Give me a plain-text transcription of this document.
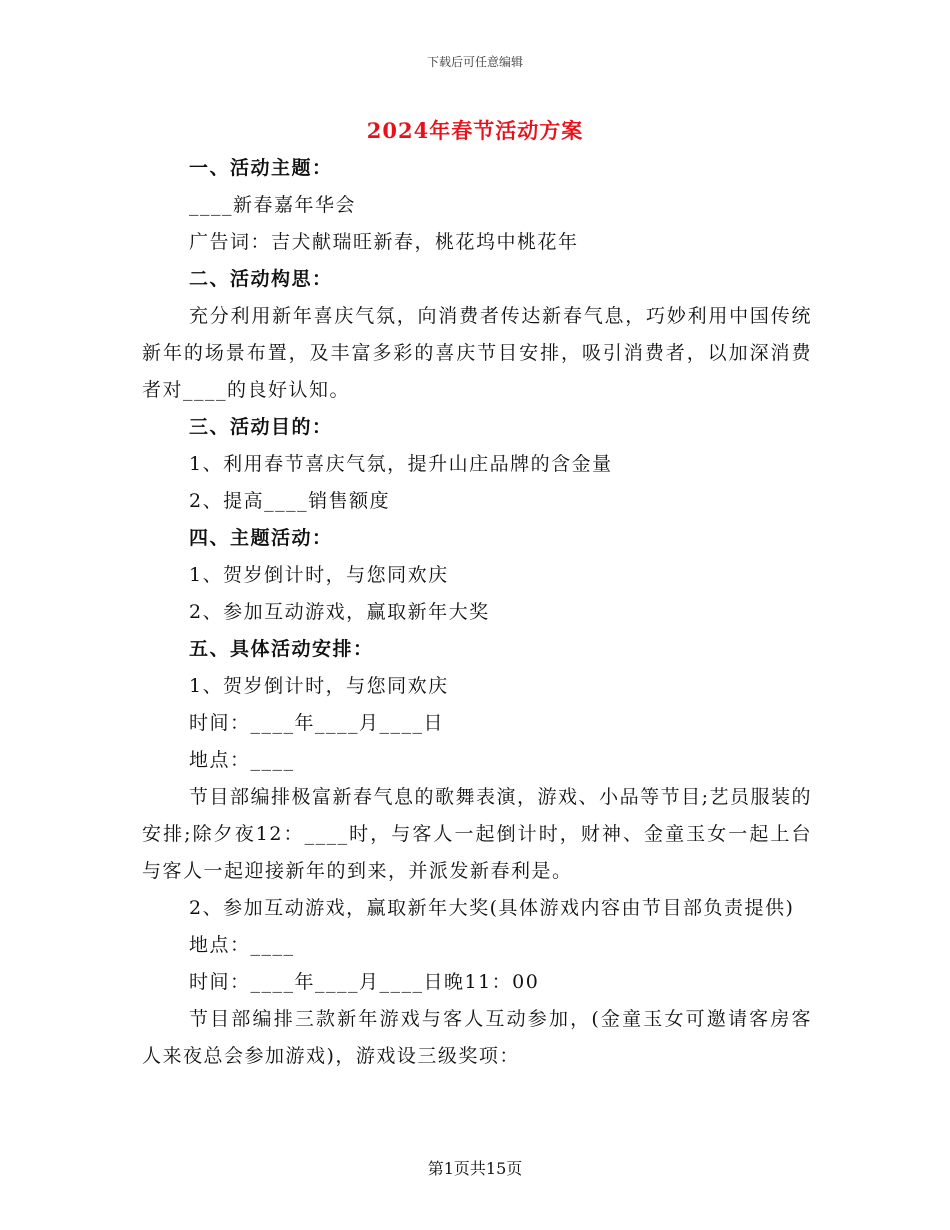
下载后可任意编辑
2024年春节活动方案

一、活动主题：

____新春嘉年华会

广告词：吉犬献瑞旺新春，桃花坞中桃花年

二、活动构思：

充分利用新年喜庆气氛，向消费者传达新春气息，巧妙利用中国传统新年的场景布置，及丰富多彩的喜庆节目安排，吸引消费者，以加深消费者对____的良好认知。

三、活动目的：

1、利用春节喜庆气氛，提升山庄品牌的含金量

2、提高____销售额度

四、主题活动：

1、贺岁倒计时，与您同欢庆

2、参加互动游戏，赢取新年大奖

五、具体活动安排：

1、贺岁倒计时，与您同欢庆

时间：____年____月____日

地点：____

节目部编排极富新春气息的歌舞表演，游戏、小品等节目;艺员服装的安排;除夕夜12：____时，与客人一起倒计时，财神、金童玉女一起上台与客人一起迎接新年的到来，并派发新春利是。

2、参加互动游戏，赢取新年大奖(具体游戏内容由节目部负责提供)

地点：____

时间：____年____月____日晚11：00

节目部编排三款新年游戏与客人互动参加，(金童玉女可邀请客房客人来夜总会参加游戏)，游戏设三级奖项：

第1页共15页
